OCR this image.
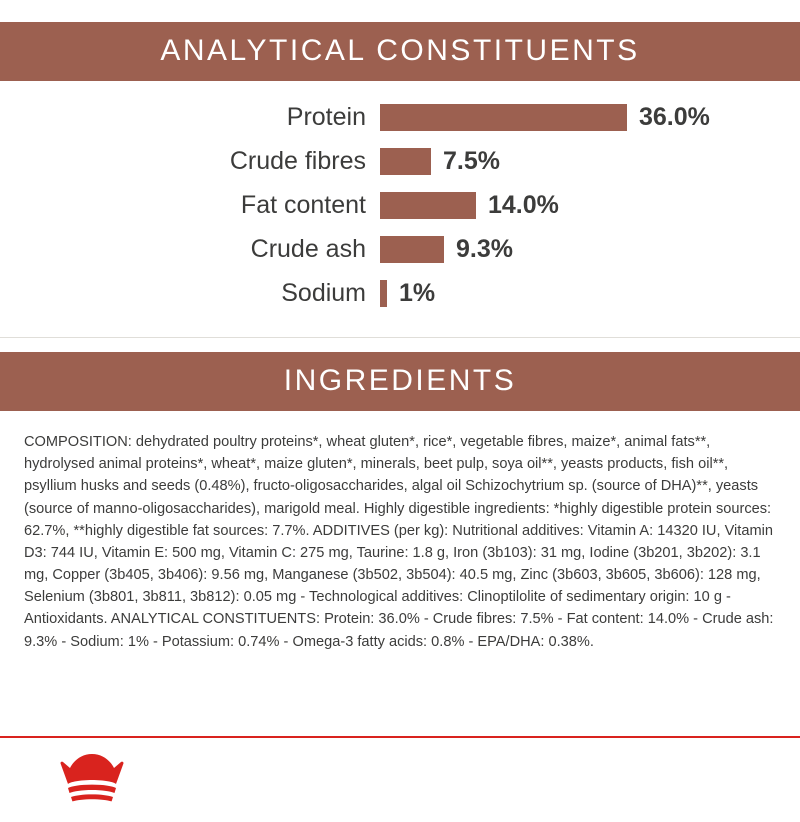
ANALYTICAL CONSTITUENTS
Protein	36.0%
Crude fibres	7.5%
Fat content	14.0%
Crude ash	9.3%
Sodium	1%
INGREDIENTS
COMPOSITION: dehydrated poultry proteins*, wheat gluten*, rice*, vegetable fibres, maize*, animal fats**, hydrolysed animal proteins*, wheat*, maize gluten*, minerals, beet pulp, soya oil**, yeasts products, fish oil**, psyllium husks and seeds (0.48%), fructo-oligosaccharides, algal oil Schizochytrium sp. (source of DHA)**, yeasts (source of manno-oligosaccharides), marigold meal. Highly digestible ingredients: *highly digestible protein sources: 62.7%, **highly digestible fat sources: 7.7%. ADDITIVES (per kg): Nutritional additives: Vitamin A: 14320 IU, Vitamin D3: 744 IU, Vitamin E: 500 mg, Vitamin C: 275 mg, Taurine: 1.8 g, Iron (3b103): 31 mg, Iodine (3b201, 3b202): 3.1 mg, Copper (3b405, 3b406): 9.56 mg, Manganese (3b502, 3b504): 40.5 mg, Zinc (3b603, 3b605, 3b606): 128 mg, Selenium (3b801, 3b811, 3b812): 0.05 mg - Technological additives: Clinoptilolite of sedimentary origin: 10 g - Antioxidants. ANALYTICAL CONSTITUENTS: Protein: 36.0% - Crude fibres: 7.5% - Fat content: 14.0% - Crude ash: 9.3% - Sodium: 1% - Potassium: 0.74% - Omega-3 fatty acids: 0.8% - EPA/DHA: 0.38%.
